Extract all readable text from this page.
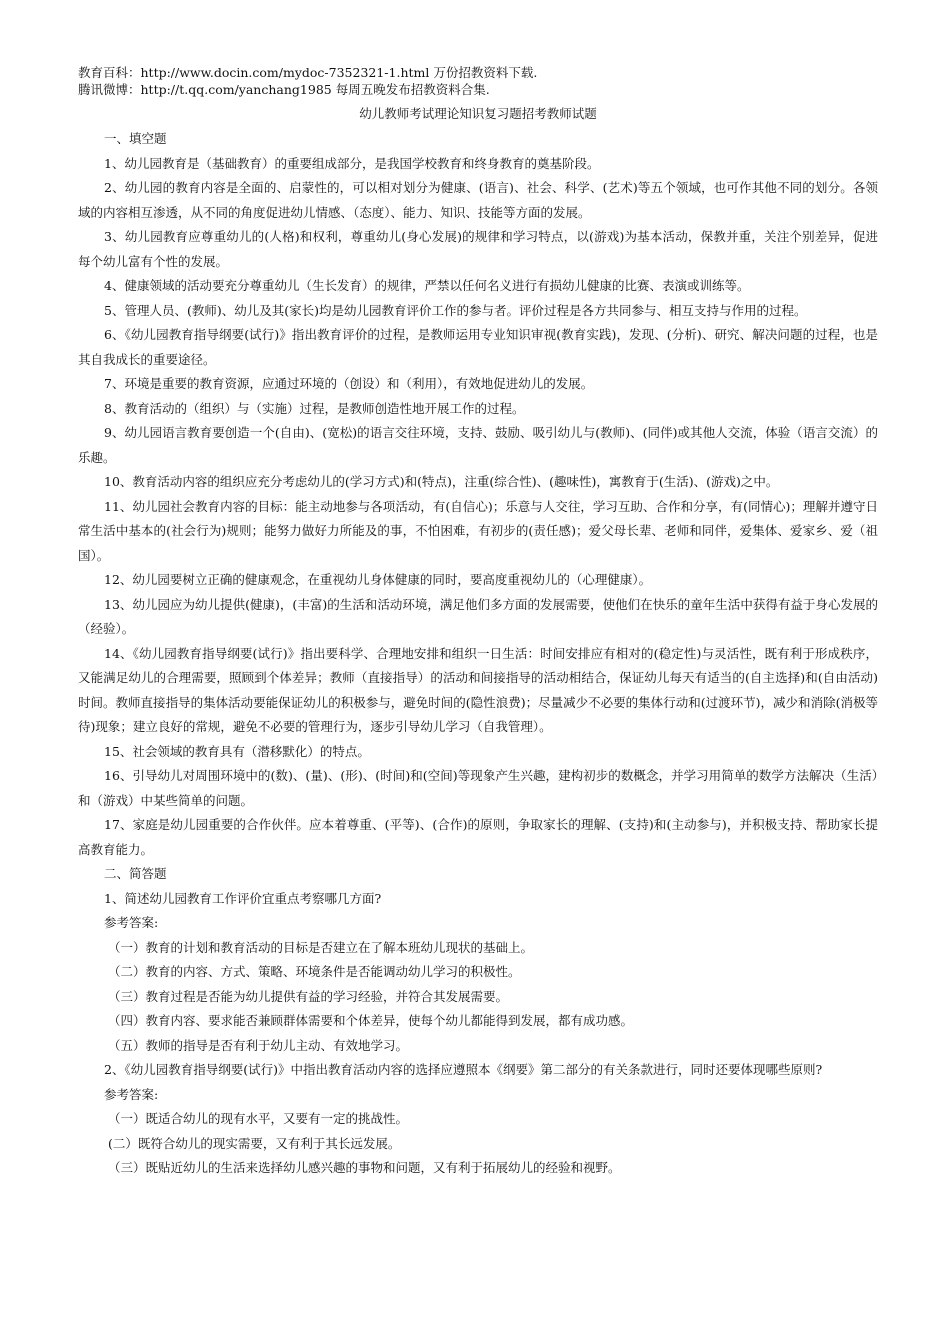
教育百科：http://www.docin.com/mydoc-7352321-1.html 万份招教资料下载.
腾讯微博：http://t.qq.com/yanchang1985 每周五晚发布招教资料合集.
幼儿教师考试理论知识复习题招考教师试题
一、填空题

1、幼儿园教育是（基础教育）的重要组成部分，是我国学校教育和终身教育的奠基阶段。

2、幼儿园的教育内容是全面的、启蒙性的，可以相对划分为健康、(语言)、社会、科学、(艺术)等五个领域，也可作其他不同的划分。各领域的内容相互渗透，从不同的角度促进幼儿情感、（态度）、能力、知识、技能等方面的发展。

3、幼儿园教育应尊重幼儿的(人格)和权利，尊重幼儿(身心发展)的规律和学习特点，以(游戏)为基本活动，保教并重，关注个别差异，促进每个幼儿富有个性的发展。

4、健康领域的活动要充分尊重幼儿（生长发育）的规律，严禁以任何名义进行有损幼儿健康的比赛、表演或训练等。

5、管理人员、(教师)、幼儿及其(家长)均是幼儿园教育评价工作的参与者。评价过程是各方共同参与、相互支持与作用的过程。

6、《幼儿园教育指导纲要(试行)》指出教育评价的过程，是教师运用专业知识审视(教育实践)，发现、(分析)、研究、解决问题的过程，也是其自我成长的重要途径。

7、环境是重要的教育资源，应通过环境的（创设）和（利用），有效地促进幼儿的发展。

8、教育活动的（组织）与（实施）过程，是教师创造性地开展工作的过程。

9、幼儿园语言教育要创造一个(自由)、(宽松)的语言交往环境，支持、鼓励、吸引幼儿与(教师)、(同伴)或其他人交流，体验（语言交流）的乐趣。

10、教育活动内容的组织应充分考虑幼儿的(学习方式)和(特点)，注重(综合性)、(趣味性)，寓教育于(生活)、(游戏)之中。

11、幼儿园社会教育内容的目标：能主动地参与各项活动，有(自信心)；乐意与人交往，学习互助、合作和分享，有(同情心)；理解并遵守日常生活中基本的(社会行为)规则；能努力做好力所能及的事，不怕困难，有初步的(责任感)；爱父母长辈、老师和同伴，爱集体、爱家乡、爱（祖国）。

12、幼儿园要树立正确的健康观念，在重视幼儿身体健康的同时，要高度重视幼儿的（心理健康）。

13、幼儿园应为幼儿提供(健康)，(丰富)的生活和活动环境，满足他们多方面的发展需要，使他们在快乐的童年生活中获得有益于身心发展的（经验）。

14、《幼儿园教育指导纲要(试行)》指出要科学、合理地安排和组织一日生活：时间安排应有相对的(稳定性)与灵活性，既有利于形成秩序，又能满足幼儿的合理需要，照顾到个体差异；教师（直接指导）的活动和间接指导的活动相结合，保证幼儿每天有适当的(自主选择)和(自由活动)时间。教师直接指导的集体活动要能保证幼儿的积极参与，避免时间的(隐性浪费)；尽量减少不必要的集体行动和(过渡环节)，减少和消除(消极等待)现象；建立良好的常规，避免不必要的管理行为，逐步引导幼儿学习（自我管理）。

15、社会领域的教育具有（潜移默化）的特点。

16、引导幼儿对周围环境中的(数)、(量)、(形)、(时间)和(空间)等现象产生兴趣，建构初步的数概念，并学习用简单的数学方法解决（生活）和（游戏）中某些简单的问题。

17、家庭是幼儿园重要的合作伙伴。应本着尊重、(平等)、(合作)的原则，争取家长的理解、(支持)和(主动参与)，并积极支持、帮助家长提高教育能力。

二、简答题

1、简述幼儿园教育工作评价宜重点考察哪几方面?

参考答案:

（一）教育的计划和教育活动的目标是否建立在了解本班幼儿现状的基础上。

（二）教育的内容、方式、策略、环境条件是否能调动幼儿学习的积极性。

（三）教育过程是否能为幼儿提供有益的学习经验，并符合其发展需要。

（四）教育内容、要求能否兼顾群体需要和个体差异，使每个幼儿都能得到发展，都有成功感。

（五）教师的指导是否有利于幼儿主动、有效地学习。

2、《幼儿园教育指导纲要(试行)》中指出教育活动内容的选择应遵照本《纲要》第二部分的有关条款进行，同时还要体现哪些原则?

参考答案:

（一）既适合幼儿的现有水平，又要有一定的挑战性。

(二）既符合幼儿的现实需要，又有利于其长远发展。

（三）既贴近幼儿的生活来选择幼儿感兴趣的事物和问题，又有利于拓展幼儿的经验和视野。
